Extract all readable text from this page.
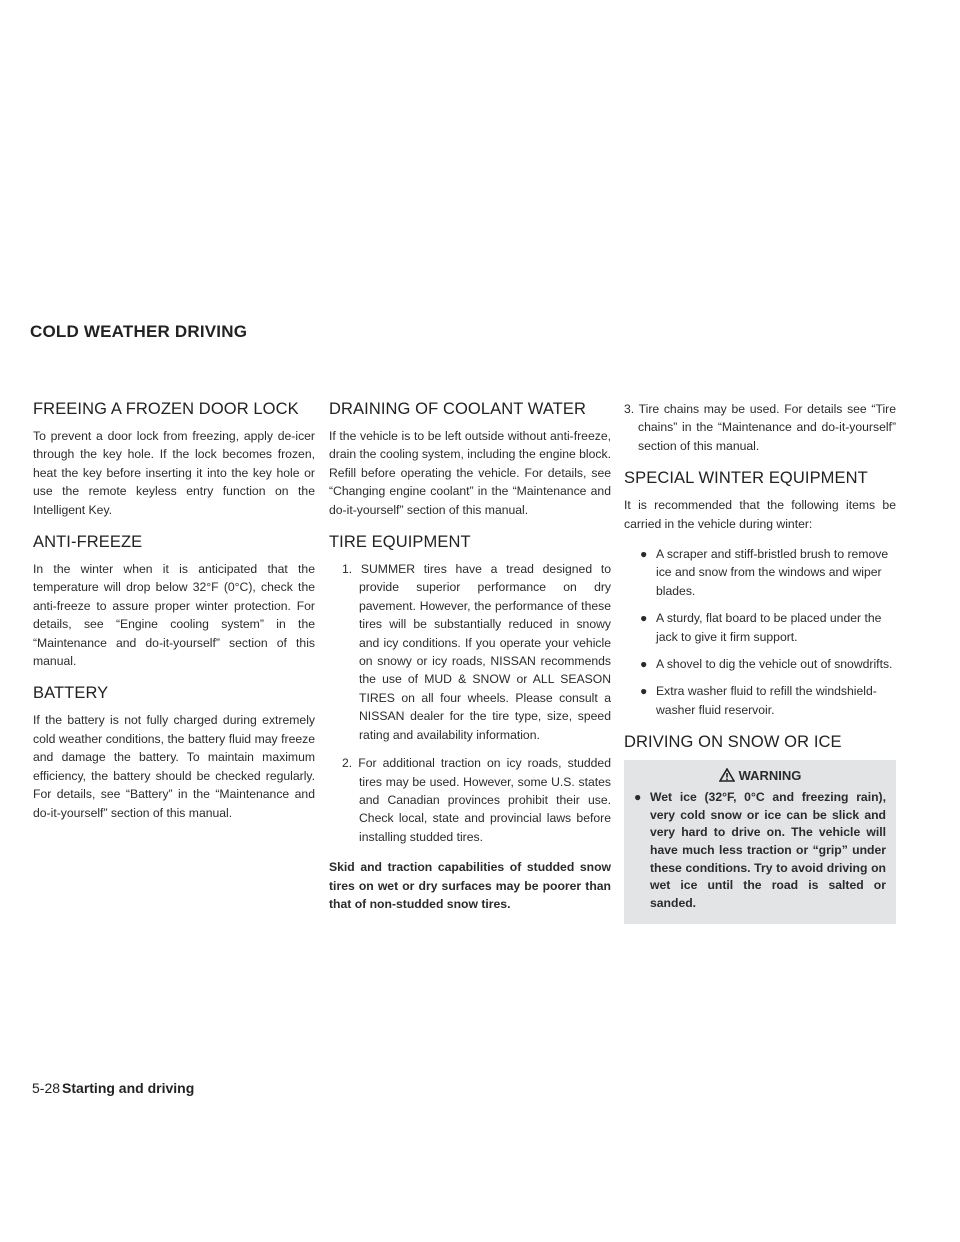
COLD WEATHER DRIVING
FREEING A FROZEN DOOR LOCK

To prevent a door lock from freezing, apply de-icer through the key hole. If the lock becomes frozen, heat the key before inserting it into the key hole or use the remote keyless entry function on the Intelligent Key.

ANTI-FREEZE

In the winter when it is anticipated that the temperature will drop below 32°F (0°C), check the anti-freeze to assure proper winter protection. For details, see “Engine cooling system” in the “Maintenance and do-it-yourself” section of this manual.

BATTERY

If the battery is not fully charged during extremely cold weather conditions, the battery fluid may freeze and damage the battery. To maintain maximum efficiency, the battery should be checked regularly. For details, see “Battery” in the “Maintenance and do-it-yourself” section of this manual.

DRAINING OF COOLANT WATER

If the vehicle is to be left outside without anti-freeze, drain the cooling system, including the engine block. Refill before operating the vehicle. For details, see “Changing engine coolant” in the “Maintenance and do-it-yourself” section of this manual.

TIRE EQUIPMENT
1. SUMMER tires have a tread designed to provide superior performance on dry pavement. However, the performance of these tires will be substantially reduced in snowy and icy conditions. If you operate your vehicle on snowy or icy roads, NISSAN recommends the use of MUD & SNOW or ALL SEASON TIRES on all four wheels. Please consult a NISSAN dealer for the tire type, size, speed rating and availability information.
2. For additional traction on icy roads, studded tires may be used. However, some U.S. states and Canadian provinces prohibit their use. Check local, state and provincial laws before installing studded tires.

Skid and traction capabilities of studded snow tires on wet or dry surfaces may be poorer than that of non-studded snow tires.

3. Tire chains may be used. For details see “Tire chains” in the “Maintenance and do-it-yourself” section of this manual.
SPECIAL WINTER EQUIPMENT

It is recommended that the following items be carried in the vehicle during winter:

● A scraper and stiff-bristled brush to remove ice and snow from the windows and wiper blades.
● A sturdy, flat board to be placed under the jack to give it firm support.
● A shovel to dig the vehicle out of snowdrifts.
● Extra washer fluid to refill the windshield-washer fluid reservoir.
DRIVING ON SNOW OR ICE
WARNING
● Wet ice (32°F, 0°C and freezing rain), very cold snow or ice can be slick and very hard to drive on. The vehicle will have much less traction or “grip” under these conditions. Try to avoid driving on wet ice until the road is salted or sanded.
5-28 Starting and driving
